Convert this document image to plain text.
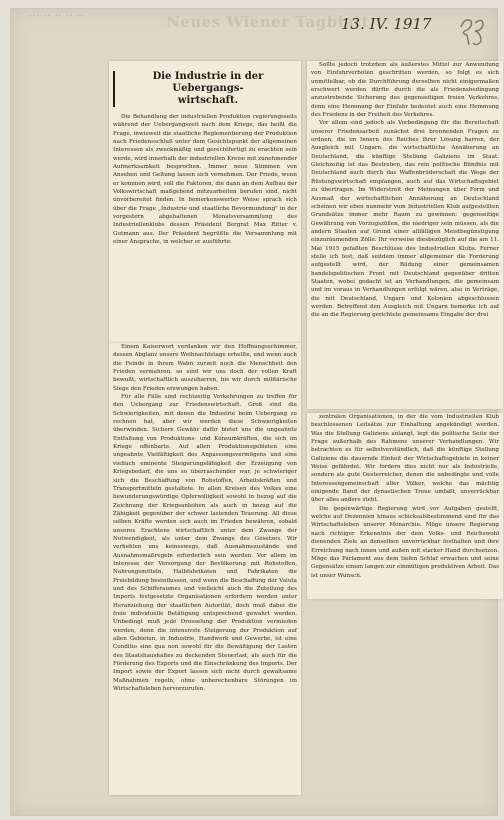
··· ·· ·· ·· ··	Neues Wiener Tagblatt
13. IV. 1917
98
Die Industrie in der Uebergangs-
wirtschaft.

Die Behandlung der industriellen Produktion regierungsseits während der Uebergangszeit nach dem Kriege, das heißt die Frage, inwieweit die staatliche Reglementierung der Produktion nach Friedensschluß unter dem Gesichtspunkt der allgemeinen Interessen als zweckmäßig und gerechtfertigt zu erachten sein werde, wird innerhalb der industriellen Kreise mit zunehmender Aufmerksamkeit besprochen. Immer neue Stimmen von Ansehen und Geltung lassen sich vernehmen. Der Friede, wenn er kommen wird, soll die Faktoren, die dann an dem Aufbau der Volkswirtschaft maßgebend mitzuarbeiten berufen sind, nicht unvorbereitet finden. In bemerkenswerter Weise sprach sich über die Frage „Industrie und staatliche Bevormundung" in der vorgestern abgehaltenen Monatsversammlung des Industriellenklubs dessen Präsident Bergrat Max Ritter v. Gutmann aus. Der Präsident begrüßte die Versammlung mit einer Ansprache, in welcher er ausführte:

Einem Kaiserwort verdanken wir den Hoffnungsschimmer, dessen Abglanz unsere Weihnachtstage erhellte, und wenn auch die Feinde in ihrem Wahn zurzeit noch die Menschheit den Frieden vermehren, so sind wir uns doch der vollen Kraft bewußt, wirtschaftlich auszuharren, bis wir durch militärische Siege den Frieden erzwungen haben.

Für alle Fälle sind rechtzeitig Vorkehrungen zu treffen für den Uebergang zur Friedenswirtschaft. Groß sind die Schwierigkeiten, mit denen die Industrie beim Uebergang zu rechnen hat, aber wir werden diese Schwierigkeiten überwinden. Sichere Gewähr dafür bietet uns die ungeahnte Entfaltung von Produktions- und Konsumkräften, die sich im Kriege offenbarte. Auf allen Produktionsgebieten eine ungeahnte Vielfältigkeit des Anpassungsvermögens und eine vielfach eminente Steigerungsfähigkeit der Erzeugung von Kriegsbedarf, die uns so überraschender war, je schwieriger sich die Beschaffung von Rohstoffen, Arbeitskräften und Transportmitteln gestaltete. In allen Kreisen des Volkes eine bewunderungswürdige Opferwilligkeit sowohl in bezug auf die Zeichnung der Kriegsanleihen als auch in bezug auf die Zähigkeit gegenüber der schwer lastenden Teuerung. All diese selben Kräfte werden sich auch im Frieden bewähren, sobald unseres Erachtens wirtschaftlich unter dem Zwange der Notwendigkeit, als unter dem Zwange des Gesetzes. Wir verhehlen uns keineswegs, daß Ausnahmszustände und Ausnahmsmaßregeln erforderlich sein werden. Vor allem im Interesse der Versorgung der Bevölkerung mit Rohstoffen, Nahrungsmitteln, Halbfabrikaten und Fabrikaten die Preisbildung beeinflussen, und wenn die Beschaffung der Valuta und des Schiffsraumes und vielleicht auch die Zuteilung des Imports festgesetzte Organisationen erfordern werden unter Heranziehung der staatlichen Autorität, doch muß dabei die freie individuelle Betätigung entsprechend gewahrt werden. Unbedingt muß jede Drosselung der Produktion vermieden werden, denn die intensivste Steigerung der Produktion auf allen Gebieten, in Industrie, Handwerk und Gewerbe, ist eine Conditio sine qua non sowohl für die Bewältigung der Lasten des Staatshaushaltes zu deckenden Steuerlast, als auch für die Förderung des Exports und die Einschränkung des Imports. Der Import sowie der Export lassen sich nicht durch gewaltsame Maßnahmen regeln, ohne unberechenbare Störungen im Wirtschaftsleben hervorzurufen.

Sollte jedoch trotzdem als äußerstes Mittel zur Anwendung von Einfuhrverboten geschritten werden, so folgt es sich unmittelbar, ob die Durchführung derselben nicht einigermaßen erschwert werden dürfte durch die als Friedensbedingung anzustrebende Sicherung des gegenseitigen freien Verkehres, denn eine Hemmung der Einfuhr bedeutet auch eine Hemmung des Friedens in der Freiheit des Verkehres.

Vor allem sind jedoch als Vorbedingung für die Bereitschaft unserer Friedensarbeit zunächst drei brennenden Fragen zu ordnen, die im Innern des Reiches ihrer Lösung harren, der Ausgleich mit Ungarn, die wirtschaftliche Annäherung an Deutschland, die künftige Stellung Galiziens im Staat. Gleichzeitig ist das Bestreben, das rein politische Bündnis mit Deutschland auch durch das Waffenbrüderschaft die Wege der Rüstungswirtschaft empfangen, auch auf das Wirtschaftsgebiet zu übertragen. Im Widerstreit der Meinungen über Form und Ausmaß der wirtschaftlichen Annäherung an Deutschland scheinen wir eben nunmehr vom Industriellen Klub aufgestellten Grundsätze immer mehr Raum zu gewinnen: gegenseitige Gewährung von Vorzugszöllen, die niedriger sein müssen, als die andern Staaten auf Grund einer allfälligen Meistbegünstigung einzuräumenden Zölle. Ihr verweise diesbezüglich auf die am 11. Mai 1915 gefaßten Beschlüsse des Industriellen Klubs. Ferner stelle ich fest, daß seitdem immer allgemeiner die Forderung aufgestellt wird, der Bildung einer gemeinsamen handelspolitischen Front mit Deutschland gegenüber dritten Staaten, wobei gedacht ist an Verhandlungen, die gemeinsam und im voraus in Verhandlungen erfolgt wären, also in Verträge, die mit Deutschland, Ungarn und Kolonien abgeschlossen werden. Betreffend den Ausgleich mit Ungarn bemerke ich auf die an die Regierung gerichtete gemeinsame Eingabe der drei

zentralen Organisationen, in der die vom Industriellen Klub beschlossenen Leitsätze zur Einhaltung angekündigt werden. Was die Stellung Galiziens anlangt, legt die politische Seite der Frage außerhalb des Rahmens unserer Verhandlungen. Wir betrachten es für selbstverständlich, daß die künftige Stellung Galiziens die dauernde Einheit der Wirtschaftsgebiete in keiner Weise gefährdet. Wir fordern dies nicht nur als Industrielle, sondern als gute Oesterreicher, denen die unbedingte und volle Interessengemeinschaft aller Völker, welche das mächtig einigende Band der dynastischen Treue umfaßt, unverrückbar über alles andere steht.

Die gegenwärtige Regierung wird vor Aufgaben gestellt, welche auf Dezennien hinaus schicksalsbestimmend sind für das Wirtschaftsleben unserer Monarchie. Möge unsere Regierung nach richtiger Erkenntnis der dem Volks- und Reichswohl dienenden Ziele an denselben unverrückbar festhalten und ihre Erreichung nach innen und außen mit starker Hand durchsetzen. Möge das Parlament aus dem tiefen Schlaf erwachen und seine Gegensätze einem langen zur einmütigen produktiven Arbeit. Das ist unser Wunsch.
